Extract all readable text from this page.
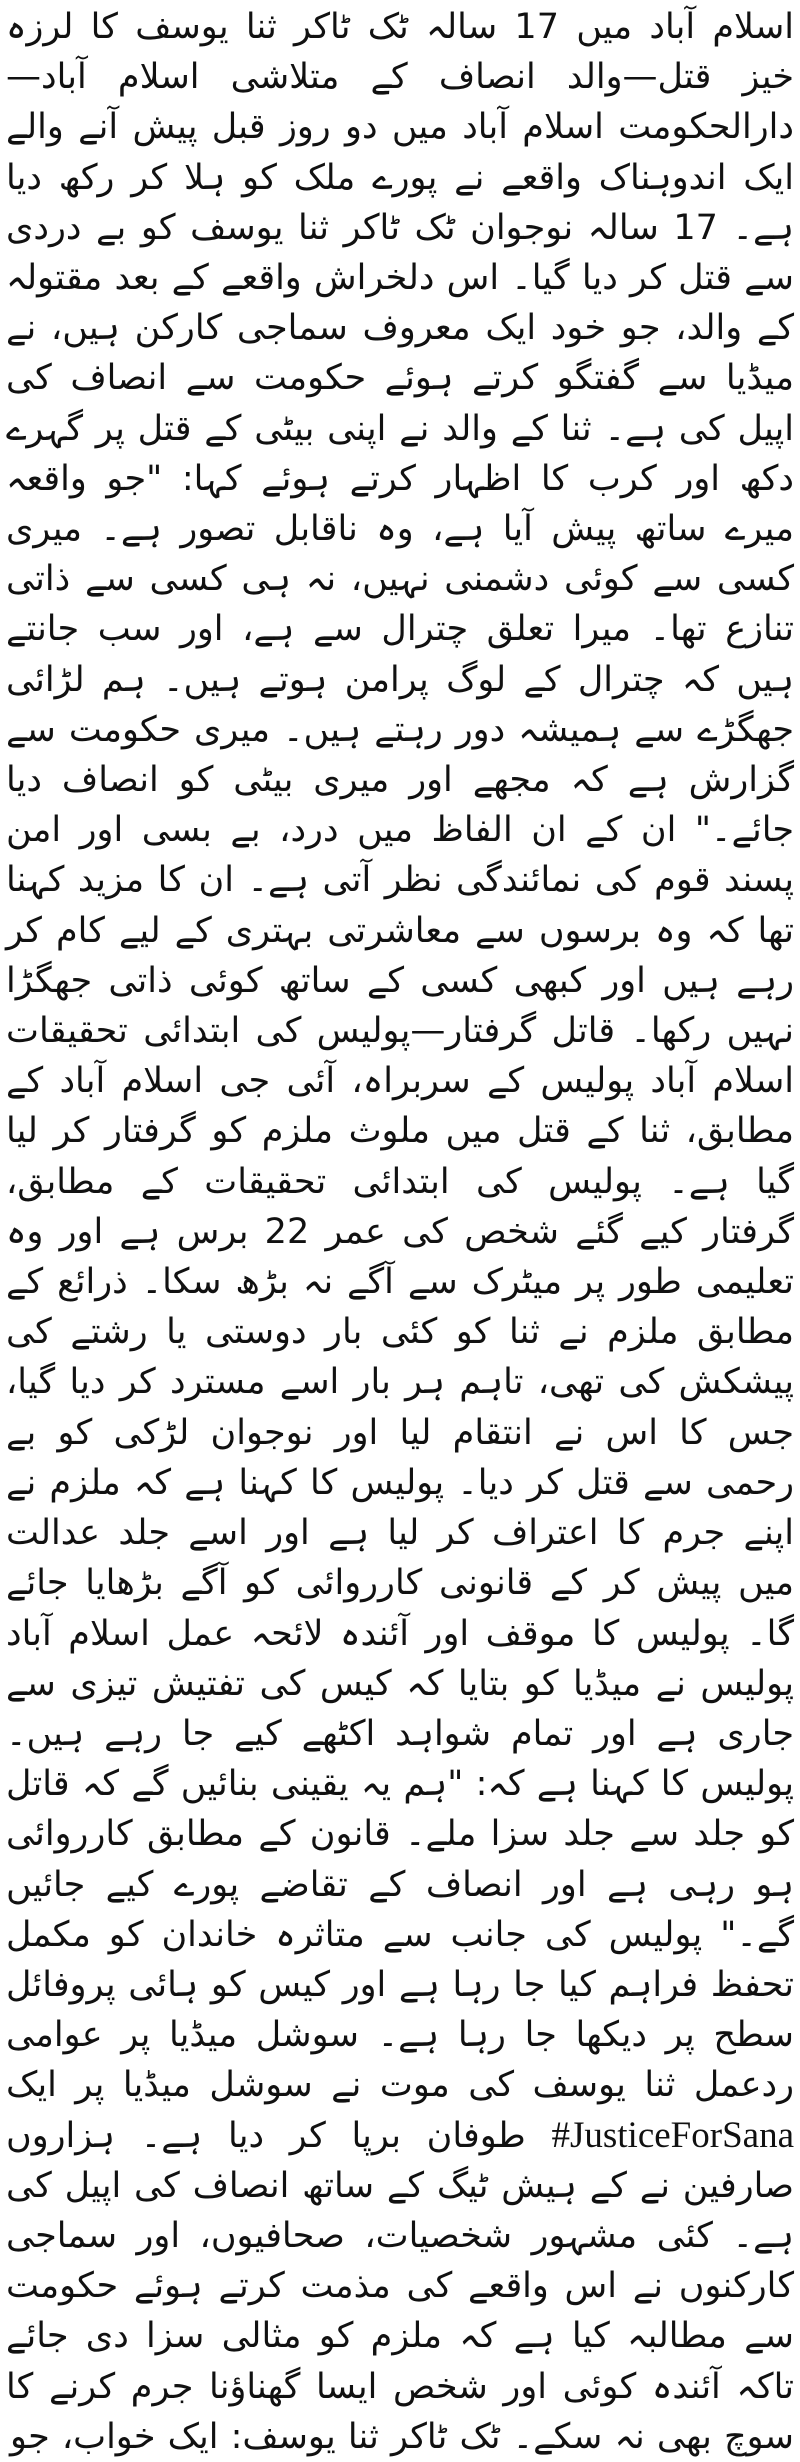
اسلام آباد میں 17 سالہ ٹک ٹاکر ثنا یوسف کا لرزہ خیز قتل—والد انصاف کے متلاشی اسلام آباد—دارالحکومت اسلام آباد میں دو روز قبل پیش آنے والے ایک اندوہناک واقعے نے پورے ملک کو ہلا کر رکھ دیا ہے۔ 17 سالہ نوجوان ٹک ٹاکر ثنا یوسف کو بے دردی سے قتل کر دیا گیا۔ اس دلخراش واقعے کے بعد مقتولہ کے والد، جو خود ایک معروف سماجی کارکن ہیں، نے میڈیا سے گفتگو کرتے ہوئے حکومت سے انصاف کی اپیل کی ہے۔ ثنا کے والد نے اپنی بیٹی کے قتل پر گہرے دکھ اور کرب کا اظہار کرتے ہوئے کہا: "جو واقعہ میرے ساتھ پیش آیا ہے، وہ ناقابل تصور ہے۔ میری کسی سے کوئی دشمنی نہیں، نہ ہی کسی سے ذاتی تنازع تھا۔ میرا تعلق چترال سے ہے، اور سب جانتے ہیں کہ چترال کے لوگ پرامن ہوتے ہیں۔ ہم لڑائی جھگڑے سے ہمیشہ دور رہتے ہیں۔ میری حکومت سے گزارش ہے کہ مجھے اور میری بیٹی کو انصاف دیا جائے۔" ان کے ان الفاظ میں درد، بے بسی اور امن پسند قوم کی نمائندگی نظر آتی ہے۔ ان کا مزید کہنا تھا کہ وہ برسوں سے معاشرتی بہتری کے لیے کام کر رہے ہیں اور کبھی کسی کے ساتھ کوئی ذاتی جھگڑا نہیں رکھا۔ قاتل گرفتار—پولیس کی ابتدائی تحقیقات اسلام آباد پولیس کے سربراہ، آئی جی اسلام آباد کے مطابق، ثنا کے قتل میں ملوث ملزم کو گرفتار کر لیا گیا ہے۔ پولیس کی ابتدائی تحقیقات کے مطابق، گرفتار کیے گئے شخص کی عمر 22 برس ہے اور وہ تعلیمی طور پر میٹرک سے آگے نہ بڑھ سکا۔ ذرائع کے مطابق ملزم نے ثنا کو کئی بار دوستی یا رشتے کی پیشکش کی تھی، تاہم ہر بار اسے مسترد کر دیا گیا، جس کا اس نے انتقام لیا اور نوجوان لڑکی کو بے رحمی سے قتل کر دیا۔ پولیس کا کہنا ہے کہ ملزم نے اپنے جرم کا اعتراف کر لیا ہے اور اسے جلد عدالت میں پیش کر کے قانونی کارروائی کو آگے بڑھایا جائے گا۔ پولیس کا موقف اور آئندہ لائحہ عمل اسلام آباد پولیس نے میڈیا کو بتایا کہ کیس کی تفتیش تیزی سے جاری ہے اور تمام شواہد اکٹھے کیے جا رہے ہیں۔ پولیس کا کہنا ہے کہ: "ہم یہ یقینی بنائیں گے کہ قاتل کو جلد سے جلد سزا ملے۔ قانون کے مطابق کارروائی ہو رہی ہے اور انصاف کے تقاضے پورے کیے جائیں گے۔" پولیس کی جانب سے متاثرہ خاندان کو مکمل تحفظ فراہم کیا جا رہا ہے اور کیس کو ہائی پروفائل سطح پر دیکھا جا رہا ہے۔ سوشل میڈیا پر عوامی ردعمل ثنا یوسف کی موت نے سوشل میڈیا پر ایک #JusticeForSana طوفان برپا کر دیا ہے۔ ہزاروں صارفین نے کے ہیش ٹیگ کے ساتھ انصاف کی اپیل کی ہے۔ کئی مشہور شخصیات، صحافیوں، اور سماجی کارکنوں نے اس واقعے کی مذمت کرتے ہوئے حکومت سے مطالبہ کیا ہے کہ ملزم کو مثالی سزا دی جائے تاکہ آئندہ کوئی اور شخص ایسا گھناؤنا جرم کرنے کا سوچ بھی نہ سکے۔ ٹک ٹاکر ثنا یوسف: ایک خواب، جو
